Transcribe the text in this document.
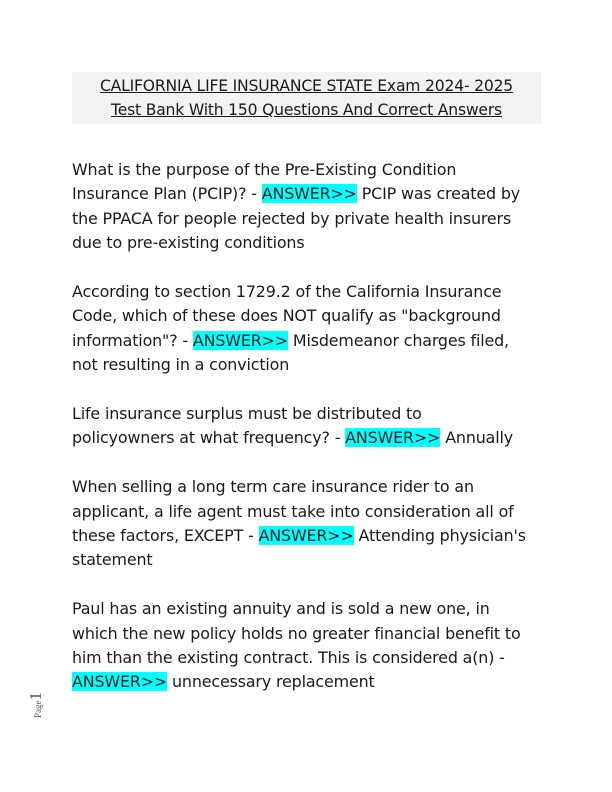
CALIFORNIA LIFE INSURANCE STATE Exam 2024- 2025
Test Bank With 150 Questions And Correct Answers
What is the purpose of the Pre-Existing Condition
Insurance Plan (PCIP)? - ANSWER>> PCIP was created by
the PPACA for people rejected by private health insurers
due to pre-existing conditions
According to section 1729.2 of the California Insurance
Code, which of these does NOT qualify as "background
information"? - ANSWER>> Misdemeanor charges filed,
not resulting in a conviction
Life insurance surplus must be distributed to
policyowners at what frequency? - ANSWER>> Annually
When selling a long term care insurance rider to an
applicant, a life agent must take into consideration all of
these factors, EXCEPT - ANSWER>> Attending physician's
statement
Paul has an existing annuity and is sold a new one, in
which the new policy holds no greater financial benefit to
him than the existing contract. This is considered a(n) -
ANSWER>> unnecessary replacement
Page1
